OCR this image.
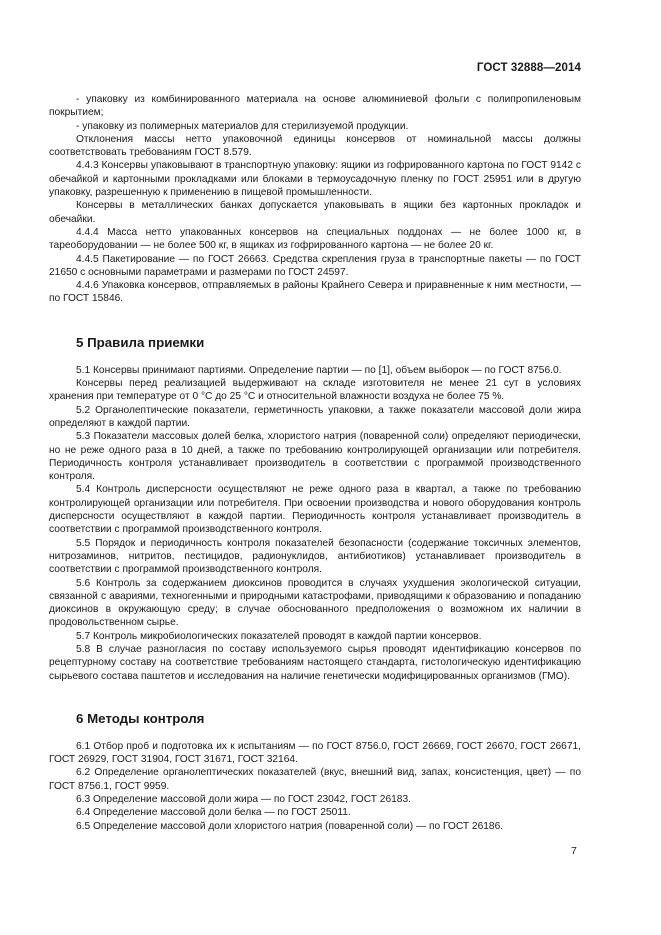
ГОСТ 32888—2014

- упаковку из комбинированного материала на основе алюминиевой фольги с полипропиленовым покрытием;

- упаковку из полимерных материалов для стерилизуемой продукции.

Отклонения массы нетто упаковочной единицы консервов от номинальной массы должны соответствовать требованиям ГОСТ 8.579.

4.4.3 Консервы упаковывают в транспортную упаковку: ящики из гофрированного картона по ГОСТ 9142 с обечайкой и картонными прокладками или блоками в термоусадочную пленку по ГОСТ 25951 или в другую упаковку, разрешенную к применению в пищевой промышленности.

Консервы в металлических банках допускается упаковывать в ящики без картонных прокладок и обечайки.

4.4.4 Масса нетто упакованных консервов на специальных поддонах — не более 1000 кг, в тареоборудовании — не более 500 кг, в ящиках из гофрированного картона — не более 20 кг.

4.4.5 Пакетирование — по ГОСТ 26663. Средства скрепления груза в транспортные пакеты — по ГОСТ 21650 с основными параметрами и размерами по ГОСТ 24597.

4.4.6 Упаковка консервов, отправляемых в районы Крайнего Севера и приравненные к ним местности, — по ГОСТ 15846.

5 Правила приемки

5.1 Консервы принимают партиями. Определение партии — по [1], объем выборок — по ГОСТ 8756.0.

Консервы перед реализацией выдерживают на складе изготовителя не менее 21 сут в условиях хранения при температуре от 0 °С до 25 °С и относительной влажности воздуха не более 75 %.

5.2 Органолептические показатели, герметичность упаковки, а также показатели массовой доли жира определяют в каждой партии.

5.3 Показатели массовых долей белка, хлористого натрия (поваренной соли) определяют периодически, но не реже одного раза в 10 дней, а также по требованию контролирующей организации или потребителя. Периодичность контроля устанавливает производитель в соответствии с программой производственного контроля.

5.4 Контроль дисперсности осуществляют не реже одного раза в квартал, а также по требованию контролирующей организации или потребителя. При освоении производства и нового оборудования контроль дисперсности осуществляют в каждой партии. Периодичность контроля устанавливает производитель в соответствии с программой производственного контроля.

5.5 Порядок и периодичность контроля показателей безопасности (содержание токсичных элементов, нитрозаминов, нитритов, пестицидов, радионуклидов, антибиотиков) устанавливает производитель в соответствии с программой производственного контроля.

5.6 Контроль за содержанием диоксинов проводится в случаях ухудшения экологической ситуации, связанной с авариями, техногенными и природными катастрофами, приводящими к образованию и попаданию диоксинов в окружающую среду; в случае обоснованного предположения о возможном их наличии в продовольственном сырье.

5.7 Контроль микробиологических показателей проводят в каждой партии консервов.

5.8 В случае разногласия по составу используемого сырья проводят идентификацию консервов по рецептурному составу на соответствие требованиям настоящего стандарта, гистологическую идентификацию сырьевого состава паштетов и исследования на наличие генетически модифицированных организмов (ГМО).

6 Методы контроля

6.1 Отбор проб и подготовка их к испытаниям — по ГОСТ 8756.0, ГОСТ 26669, ГОСТ 26670, ГОСТ 26671, ГОСТ 26929, ГОСТ 31904, ГОСТ 31671, ГОСТ 32164.

6.2 Определение органолептических показателей (вкус, внешний вид, запах, консистенция, цвет) — по ГОСТ 8756.1, ГОСТ 9959.

6.3 Определение массовой доли жира — по ГОСТ 23042, ГОСТ 26183.

6.4 Определение массовой доли белка — по ГОСТ 25011.

6.5 Определение массовой доли хлористого натрия (поваренной соли) — по ГОСТ 26186.

7
